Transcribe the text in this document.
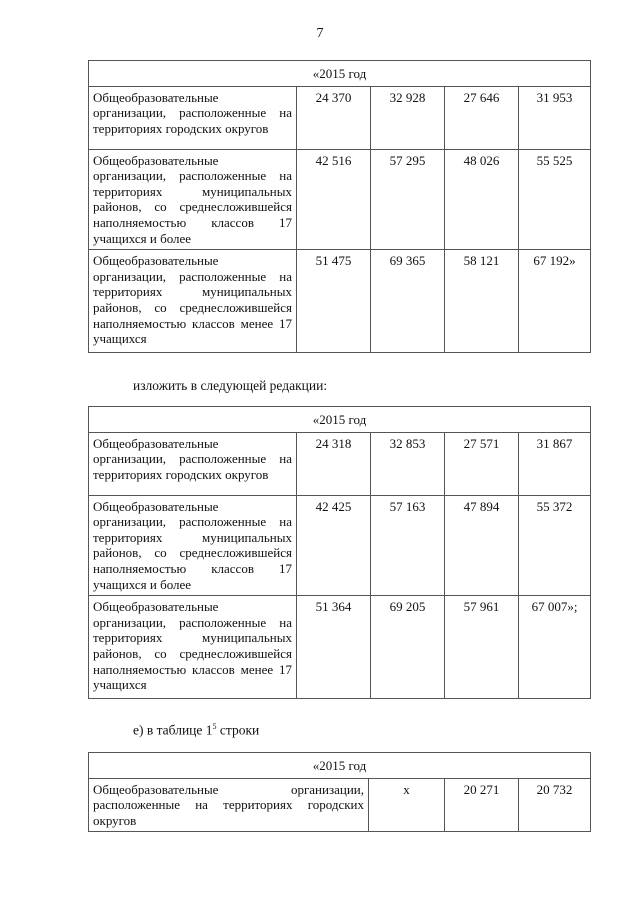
7
«2015 год				
Общеобразовательные организации, расположенные на территориях городских округов	24 370	32 928	27 646	31 953
Общеобразовательные организации, расположенные на территориях муниципальных районов, со среднесложившейся наполняемостью классов 17 учащихся и более	42 516	57 295	48 026	55 525
Общеобразовательные организации, расположенные на территориях муниципальных районов, со среднесложившейся наполняемостью классов менее 17 учащихся	51 475	69 365	58 121	67 192»
изложить в следующей редакции:
«2015 год				
Общеобразовательные организации, расположенные на территориях городских округов	24 318	32 853	27 571	31 867
Общеобразовательные организации, расположенные на территориях муниципальных районов, со среднесложившейся наполняемостью классов 17 учащихся и более	42 425	57 163	47 894	55 372
Общеобразовательные организации, расположенные на территориях муниципальных районов, со среднесложившейся наполняемостью классов менее 17 учащихся	51 364	69 205	57 961	67 007»;
е) в таблице $1^5$ строки
«2015 год
Общеобразовательные организации, расположенные на территориях городских округов	х	20 271	20 732
